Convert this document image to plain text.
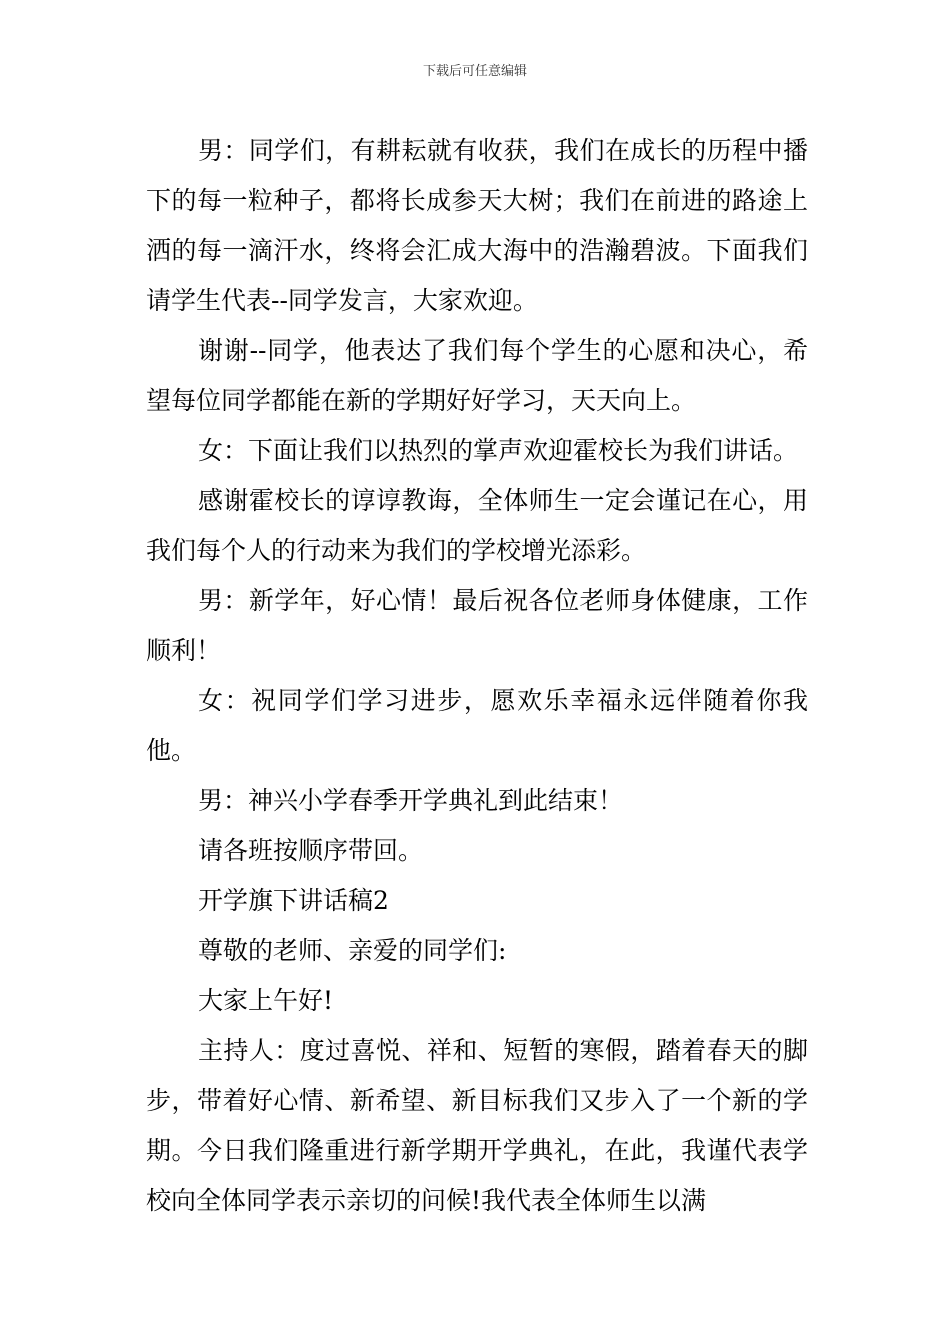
下载后可任意编辑

男：同学们，有耕耘就有收获，我们在成长的历程中播下的每一粒种子，都将长成参天大树；我们在前进的路途上洒的每一滴汗水，终将会汇成大海中的浩瀚碧波。下面我们请学生代表--同学发言，大家欢迎。

谢谢--同学，他表达了我们每个学生的心愿和决心，希望每位同学都能在新的学期好好学习，天天向上。

女：下面让我们以热烈的掌声欢迎霍校长为我们讲话。

感谢霍校长的谆谆教诲，全体师生一定会谨记在心，用我们每个人的行动来为我们的学校增光添彩。

男：新学年，好心情！最后祝各位老师身体健康，工作顺利！

女：祝同学们学习进步，愿欢乐幸福永远伴随着你我他。

男：神兴小学春季开学典礼到此结束！

请各班按顺序带回。

开学旗下讲话稿2

尊敬的老师、亲爱的同学们:

大家上午好!

主持人：度过喜悦、祥和、短暂的寒假，踏着春天的脚步，带着好心情、新希望、新目标我们又步入了一个新的学期。今日我们隆重进行新学期开学典礼，在此，我谨代表学校向全体同学表示亲切的问候!我代表全体师生以满
